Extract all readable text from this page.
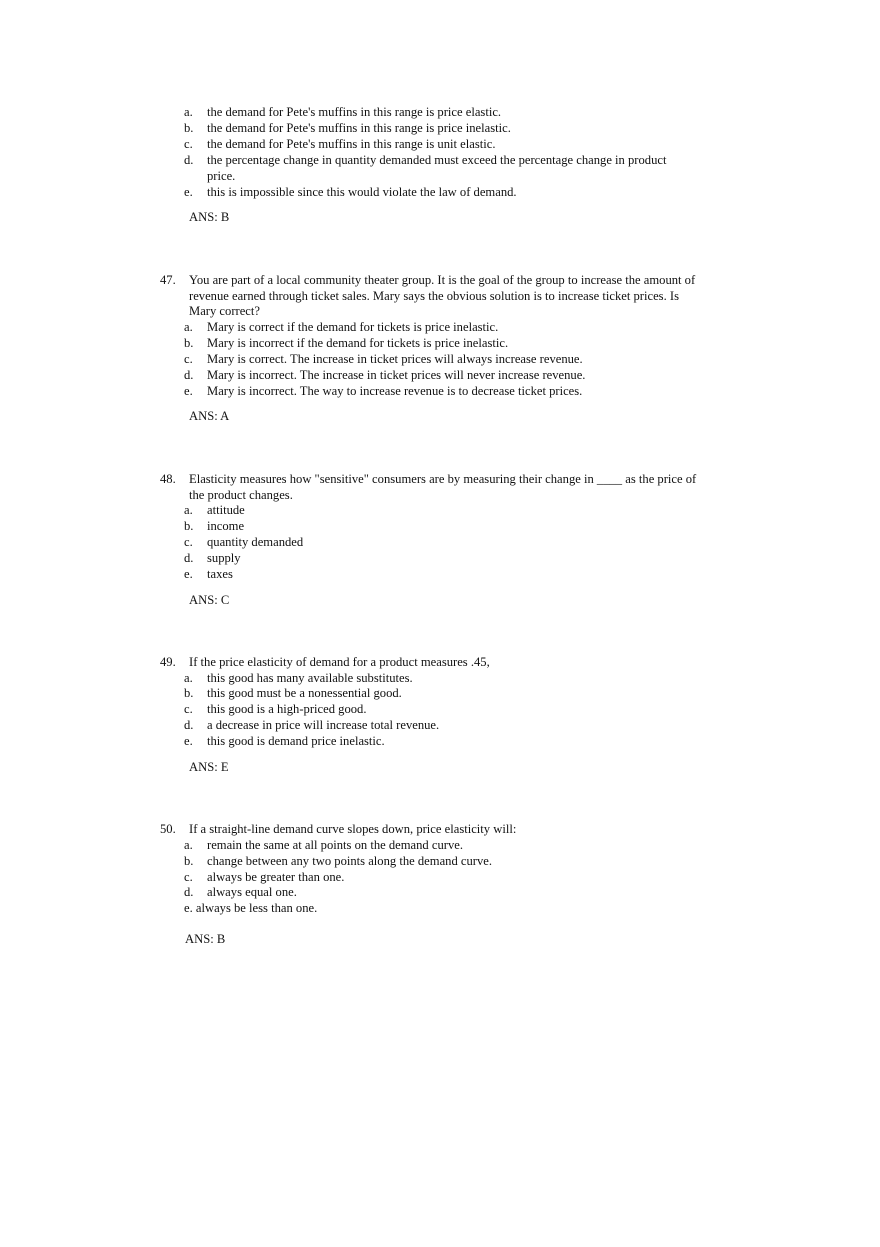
a. the demand for Pete's muffins in this range is price elastic.
b. the demand for Pete's muffins in this range is price inelastic.
c. the demand for Pete's muffins in this range is unit elastic.
d. the percentage change in quantity demanded must exceed the percentage change in product
price.
e. this is impossible since this would violate the law of demand.
ANS: B
47. You are part of a local community theater group. It is the goal of the group to increase the amount of
revenue earned through ticket sales. Mary says the obvious solution is to increase ticket prices. Is
Mary correct?
a. Mary is correct if the demand for tickets is price inelastic.
b. Mary is incorrect if the demand for tickets is price inelastic.
c. Mary is correct. The increase in ticket prices will always increase revenue.
d. Mary is incorrect. The increase in ticket prices will never increase revenue.
e. Mary is incorrect. The way to increase revenue is to decrease ticket prices.
ANS: A
48. Elasticity measures how "sensitive" consumers are by measuring their change in ____ as the price of
the product changes.
a. attitude
b. income
c. quantity demanded
d. supply
e. taxes
ANS: C
49. If the price elasticity of demand for a product measures .45,
a. this good has many available substitutes.
b. this good must be a nonessential good.
c. this good is a high-priced good.
d. a decrease in price will increase total revenue.
e. this good is demand price inelastic.
ANS: E
50. If a straight-line demand curve slopes down, price elasticity will:
a. remain the same at all points on the demand curve.
b. change between any two points along the demand curve.
c. always be greater than one.
d. always equal one.
e. always be less than one.
ANS: B
